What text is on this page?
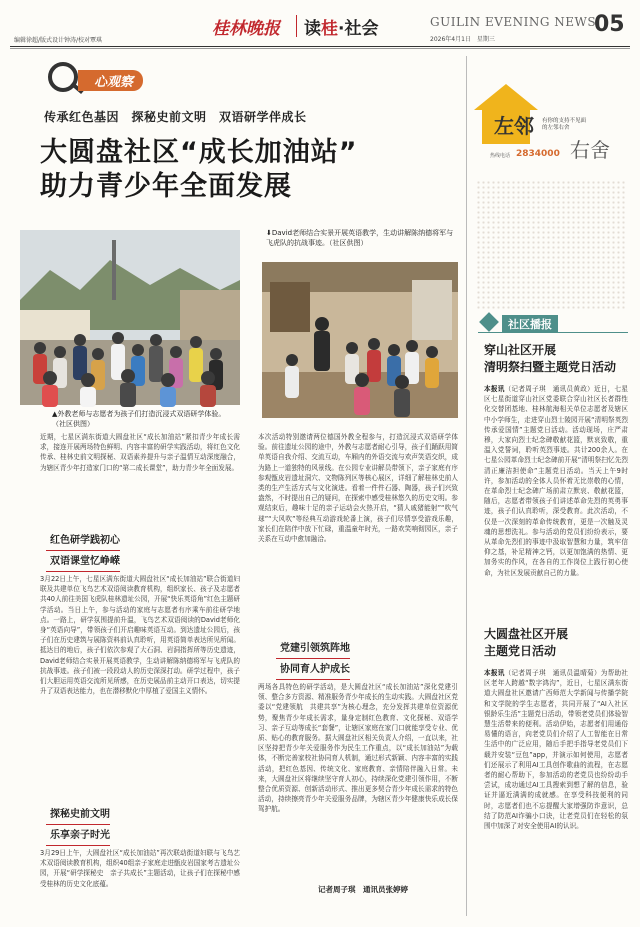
编辑徐超/版式设计钟涛/校对覃琪
桂林晚报 读桂·社会	GUILIN EVENING NEWS
2026年4月1日　星期三
05
心观察
传承红色基因　探秘史前文明　双语研学伴成长
大圆盘社区“成长加油站”
助力青少年全面发展
▲外教老师与志愿者为孩子们打造沉浸式双语研学体验。（社区供图）
⬇David老师结合实景开展英语教学，生动讲解陈纳德将军与飞虎队的抗战事迹。（社区供图）
近期，七星区满东街道大圆盘社区“成长加油站”紧扣青少年成长需求，接连开展两场特色鲜明、内容丰富的研学实践活动，将红色文化传承、桂林史前文明探秘、双语素养提升与亲子温情互动深度融合，为辖区青少年打造家门口的“第二成长课堂”，助力青少年全面发展。
红色研学践初心
双语课堂忆峥嵘
3月22日上午，七星区满东街道大圆盘社区“成长加油站”联合街道妇联及共建单位飞鸟艺术双语阅读教育机构，组织家长、孩子及志愿者共40人前往美国飞虎队桂林遗址公园，开展“快乐英语角”红色主题研学活动。当日上午，参与活动的家庭与志愿者有序乘车前往研学地点。一路上，研学氛围提前升温，飞鸟艺术双语阅读的David老师化身“英语向导”，带领孩子们开启趣味英语互动。到达遗址公园后，孩子们在历史建筑与展陈资料前认真聆听，用英语简单表达所见所闻。抵达目的地后，孩子们依次参观了大石洞、岩洞指挥所等历史遗迹，David老师结合实景开展英语教学，生动讲解陈纳德将军与飞虎队的抗战事迹。孩子们被一段段动人的历史深深打动。研学过程中，孩子们大胆运用英语交流所见所感，在历史展品前主动开口表达，切实提升了双语表达能力，也在潜移默化中厚植了爱国主义情怀。
探秘史前文明
乐享亲子时光
3月29日上午，大圆盘社区“成长加油站”再次联动街道妇联与飞鸟艺术双语阅读教育机构，组织40组亲子家庭走进甑皮岩国家考古遗址公园，开展“研学探秘史　亲子共成长”主题活动，让孩子们在探秘中感受桂林的历史文化底蕴。
本次活动特别邀请两位德国外教全程参与，打造沉浸式双语研学体验。前往遗址公园的途中，外教与志愿者耐心引导，孩子们踊跃用简单英语自我介绍、交流互动，车厢内的外语交流与欢声笑语交织，成为路上一道独特的风景线。在公园专业讲解员带领下，亲子家庭有序参观甑皮岩遗址洞穴、文物陈列区等核心展区，详细了解桂林史前人类的生产生活方式与文化演进。看着一件件石器、陶器，孩子们兴致盎然，不时提出自己的疑问，在探索中感受桂林悠久的历史文明。参观结束后，趣味十足的亲子运动会火热开启，“猜人戚猪能射”“吹气球”“大风吹”等经典互动游戏轮番上演，孩子们尽情享受游戏乐趣，家长们在陪伴中放下忙碌，重温童年时光，一路欢笑响彻园区，亲子关系在互动中愈加融洽。
党建引领筑阵地
协同育人护成长
两场各具特色的研学活动，是大圆盘社区“成长加油站”深化党建引领、整合多方资源、精准服务青少年成长的生动实践。大圆盘社区党委以“党建领航　共建共享”为核心理念，充分发挥共建单位资源优势，聚焦青少年成长需求，量身定制红色教育、文化探秘、双语学习、亲子互动等成长“套餐”，让辖区家庭在家门口就能享受专业、优质、贴心的教育服务。据大圆盘社区相关负责人介绍，一直以来，社区坚持把青少年关爱服务作为民生工作重点，以“成长加油站”为载体，不断完善家校社协同育人机制，通过形式新颖、内容丰富的实践活动，把红色基因、传统文化、家庭教育、亲情陪伴融入日常。未来，大圆盘社区将继续坚守育人初心，持续深化党建引领作用，不断整合优质资源、创新活动形式、推出更多契合青少年成长需求的特色活动，持续擦亮青少年关爱服务品牌，为辖区青少年健康快乐成长保驾护航。
记者周子琪　通讯员张婷婷
左邻 有你的支持不见面的左邻右舍
右舍
热线电话 2834000
社区播报
穿山社区开展
清明祭扫暨主题党日活动
本报讯（记者周子琪　通讯员黄政）近日，七星区七星街道穿山社区党委联合穿山社区长者群性化交替团基地、桂林航海相关单位志愿者及辖区中小学师生，走进穿山烈士陵园开展“清明祭英烈　传承爱国情”主题党日活动。活动现场，庄严肃穆，大家向烈士纪念碑敬献花篮，默哀致敬，重温入党誓词，聆听英烈事迹。共计200余人。在七星公园革命烈士纪念碑前开展“清明祭扫忆先烈　清正廉洁担使命”主题党日活动。当天上午9时许，参加活动的全体人员怀着无比崇敬的心情，在革命烈士纪念碑广场前肃立默哀、敬献花篮，随后，志愿者带领孩子们讲述革命先烈的英勇事迹，孩子们认真聆听，深受教育。此次活动，不仅是一次深刻的革命传统教育，更是一次触及灵魂的思想洗礼。参与活动的党员们纷纷表示，要从革命先烈们的事迹中汲取智慧和力量，筑牢信仰之基，补足精神之钙，以更加饱满的热情、更加务实的作风，在各自的工作岗位上践行初心使命，为社区发展贡献自己的力量。
大圆盘社区开展
主题党日活动
本报讯（记者周子琪　通讯员温晴菊）为帮助社区老年人跨越“数字鸿沟”，近日，七星区满东街道大圆盘社区邀请广西师范大学新闻与传播学院和文学院的学生志愿者，共同开展了“AI入社区　银龄乐生活”主题党日活动，带领老党员们体验智慧生活带来的便利。活动伊始，志愿者们用通俗易懂的语言，向老党员们介绍了人工智能在日常生活中的广泛应用，随后手把手指导老党员们下载并安装“豆包”app，并演示如何使用，志愿者们还展示了利用AI工具创作歌曲的流程，在志愿者的耐心帮助下，参加活动的老党员也纷纷动手尝试，成功通过AI工具搜索到想了解的信息，验证并逼近满满的成就感。在享受科技便利的同时，志愿者们也不忘提醒大家增强防诈意识，总结了防范AI诈骗小口诀，让老党员们在轻松的氛围中加深了对安全使用AI的认识。
